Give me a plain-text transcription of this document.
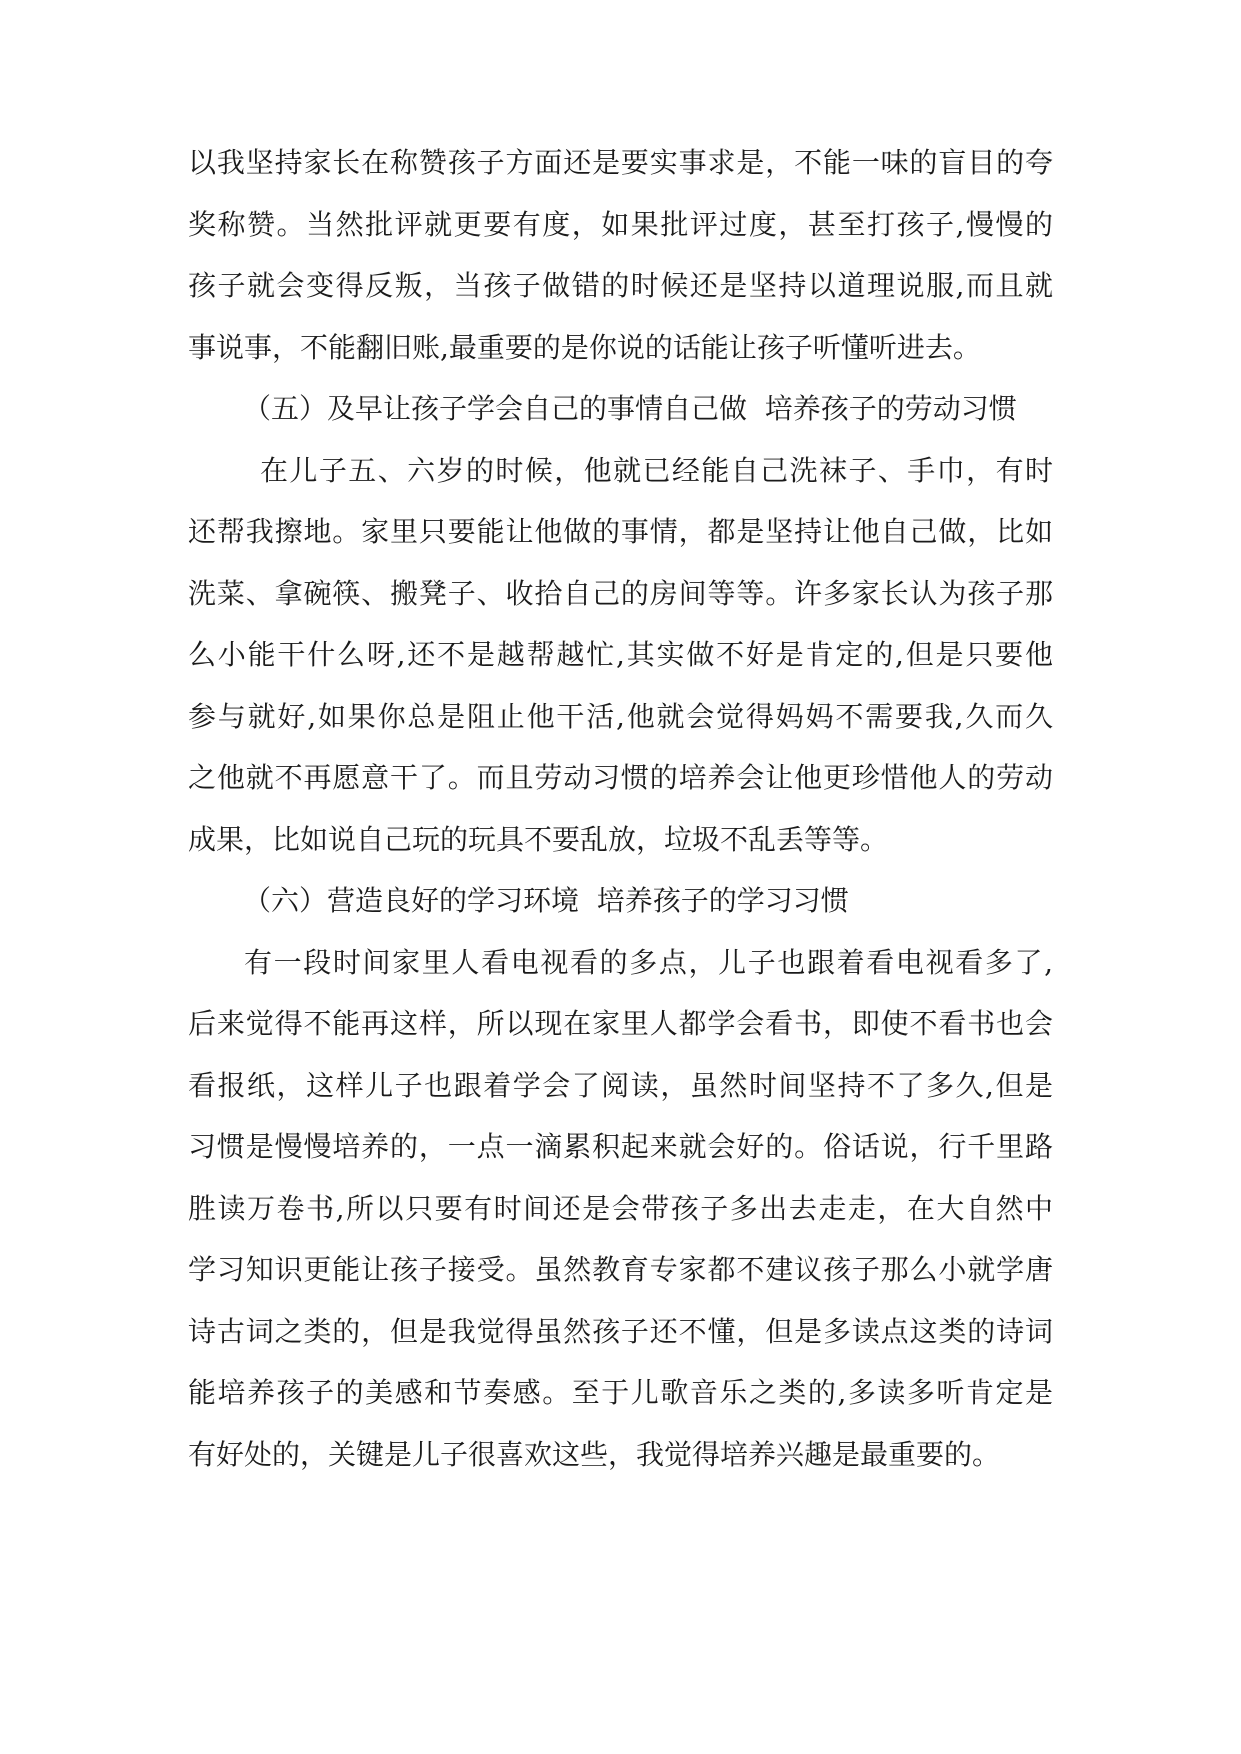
以我坚持家长在称赞孩子方面还是要实事求是，不能一味的盲目的夸
奖称赞。当然批评就更要有度，如果批评过度，甚至打孩子,慢慢的
孩子就会变得反叛，当孩子做错的时候还是坚持以道理说服,而且就
事说事，不能翻旧账,最重要的是你说的话能让孩子听懂听进去。
（五）及早让孩子学会自己的事情自己做  培养孩子的劳动习惯
在儿子五、六岁的时候，他就已经能自己洗袜子、手巾，有时
还帮我擦地。家里只要能让他做的事情，都是坚持让他自己做，比如
洗菜、拿碗筷、搬凳子、收拾自己的房间等等。许多家长认为孩子那
么小能干什么呀,还不是越帮越忙,其实做不好是肯定的,但是只要他
参与就好,如果你总是阻止他干活,他就会觉得妈妈不需要我,久而久
之他就不再愿意干了。而且劳动习惯的培养会让他更珍惜他人的劳动
成果，比如说自己玩的玩具不要乱放，垃圾不乱丢等等。
（六）营造良好的学习环境  培养孩子的学习习惯
有一段时间家里人看电视看的多点，儿子也跟着看电视看多了,
后来觉得不能再这样，所以现在家里人都学会看书，即使不看书也会
看报纸，这样儿子也跟着学会了阅读，虽然时间坚持不了多久,但是
习惯是慢慢培养的，一点一滴累积起来就会好的。俗话说，行千里路
胜读万卷书,所以只要有时间还是会带孩子多出去走走，在大自然中
学习知识更能让孩子接受。虽然教育专家都不建议孩子那么小就学唐
诗古词之类的，但是我觉得虽然孩子还不懂，但是多读点这类的诗词
能培养孩子的美感和节奏感。至于儿歌音乐之类的,多读多听肯定是
有好处的，关键是儿子很喜欢这些，我觉得培养兴趣是最重要的。
